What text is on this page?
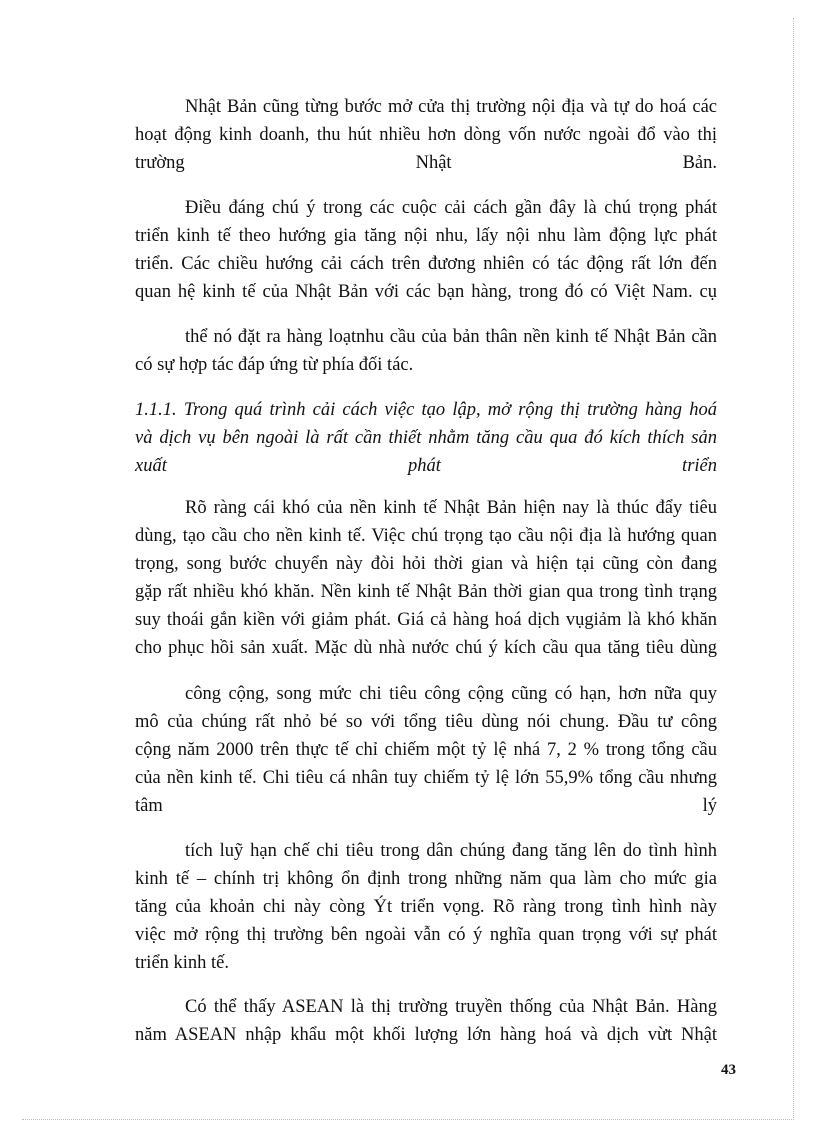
Nhật Bản cũng từng bước mở cửa thị trường nội địa và tự do hoá các
hoạt động kinh doanh, thu hút nhiều hơn dòng vốn nước ngoài đổ vào thị
trường Nhật Bản.
Điều đáng chú ý trong các cuộc cải cách gần đây là chú trọng phát
triển kinh tế theo hướng gia tăng nội nhu, lấy nội nhu làm động lực phát
triển. Các chiều hướng cải cách trên đương nhiên có tác động rất lớn đến
quan hệ kinh tế của Nhật Bản với các bạn hàng, trong đó có Việt Nam. cụ
thể nó đặt ra hàng loạtnhu cầu của bản thân nền kinh tế Nhật Bản cần
có sự hợp tác đáp ứng từ phía đối tác.
1.1.1. Trong quá trình cải cách việc tạo lập, mở rộng thị trường hàng hoá
và dịch vụ bên ngoài là rất cần thiết nhằm tăng cầu qua đó kích thích sản
xuất phát triển
Rõ ràng cái khó của nền kinh tế Nhật Bản hiện nay là thúc đẩy tiêu
dùng, tạo cầu cho nền kinh tế. Việc chú trọng tạo cầu nội địa là hướng quan
trọng, song bước chuyển này đòi hỏi thời gian và hiện tại cũng còn đang
gặp rất nhiều khó khăn. Nền kinh tế Nhật Bản thời gian qua trong tình trạng
suy thoái gắn kiền với giảm phát. Giá cả hàng hoá dịch vụgiảm là khó khăn
cho phục hồi sản xuất. Mặc dù nhà nước chú ý kích cầu qua tăng tiêu dùng
công cộng, song mức chi tiêu công cộng cũng có hạn, hơn nữa quy
mô của chúng rất nhỏ bé so với tổng tiêu dùng nói chung. Đầu tư công
cộng năm 2000 trên thực tế chỉ chiếm một tỷ lệ nhá 7, 2 % trong tổng cầu
của nền kinh tế. Chi tiêu cá nhân tuy chiếm tỷ lệ lớn 55,9% tổng cầu nhưng
tâm lý
tích luỹ hạn chế chi tiêu trong dân chúng đang tăng lên do tình hình
kinh tế – chính trị không ổn định trong những năm qua làm cho mức gia
tăng của khoản chi này còng Ýt triển vọng. Rõ ràng trong tình hình này
việc mở rộng thị trường bên ngoài vẫn có ý nghĩa quan trọng với sự phát
triển kinh tế.
Có thể thấy ASEAN là thị trường truyền thống của Nhật Bản. Hàng
năm ASEAN nhập khẩu một khối lượng lớn hàng hoá và dịch vừt Nhật
43
